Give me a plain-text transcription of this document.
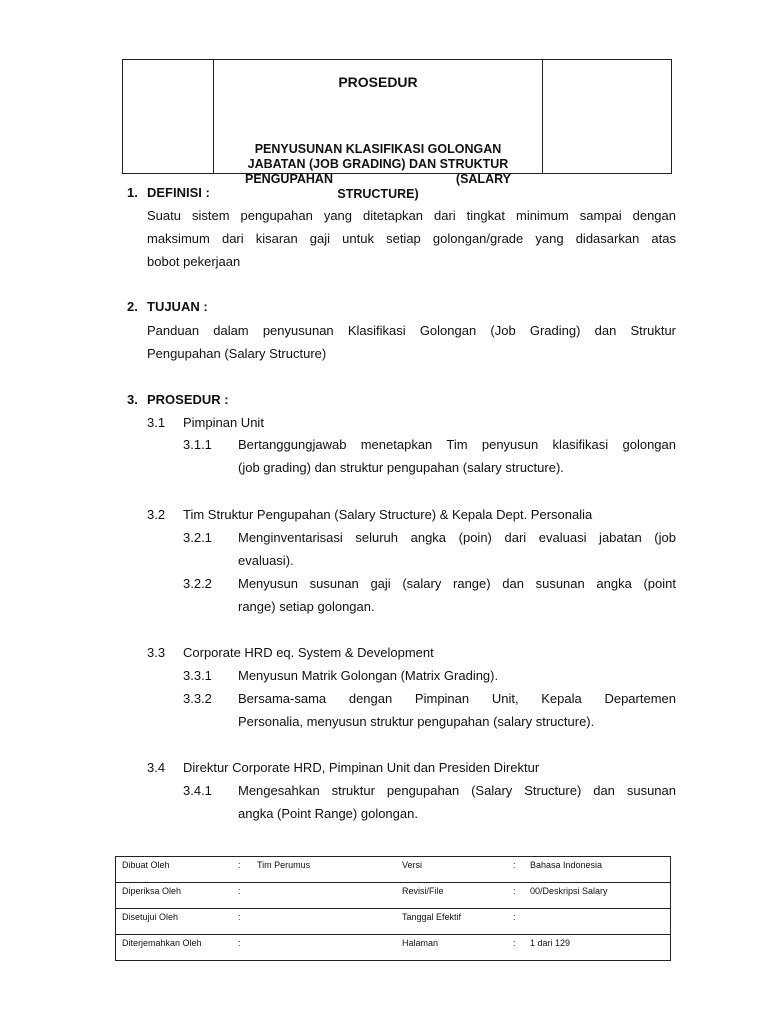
PROSEDUR
PENYUSUNAN KLASIFIKASI GOLONGAN
JABATAN (JOB GRADING) DAN STRUKTUR
PENGUPAHAN	(SALARY
STRUCTURE)
1. DEFINISI :
Suatu sistem pengupahan yang ditetapkan dari tingkat minimum sampai dengan
maksimum dari kisaran gaji untuk setiap golongan/grade yang didasarkan atas
bobot pekerjaan
2. TUJUAN :
Panduan dalam penyusunan Klasifikasi Golongan (Job Grading) dan Struktur
Pengupahan (Salary Structure)
3. PROSEDUR :
3.1 Pimpinan Unit
3.1.1 Bertanggungjawab menetapkan Tim penyusun klasifikasi golongan
(job grading) dan struktur pengupahan (salary structure).
3.2 Tim Struktur Pengupahan (Salary Structure) & Kepala Dept. Personalia
3.2.1 Menginventarisasi seluruh angka (poin) dari evaluasi jabatan (job
evaluasi).
3.2.2 Menyusun susunan gaji (salary range) dan susunan angka (point
range) setiap golongan.
3.3 Corporate HRD eq. System & Development
3.3.1 Menyusun Matrik Golongan (Matrix Grading).
3.3.2 Bersama-sama dengan Pimpinan Unit, Kepala Departemen
Personalia, menyusun struktur pengupahan (salary structure).
3.4 Direktur Corporate HRD, Pimpinan Unit dan Presiden Direktur
3.4.1 Mengesahkan struktur pengupahan (Salary Structure) dan susunan
angka (Point Range) golongan.
Dibuat Oleh	: Tim Perumus	Versi	: Bahasa Indonesia
Diperiksa Oleh	:	Revisi/File	: 00/Deskripsi Salary
Disetujui Oleh	:	Tanggal Efektif	:
Diterjemahkan Oleh	:	Halaman	: 1 dari 129
